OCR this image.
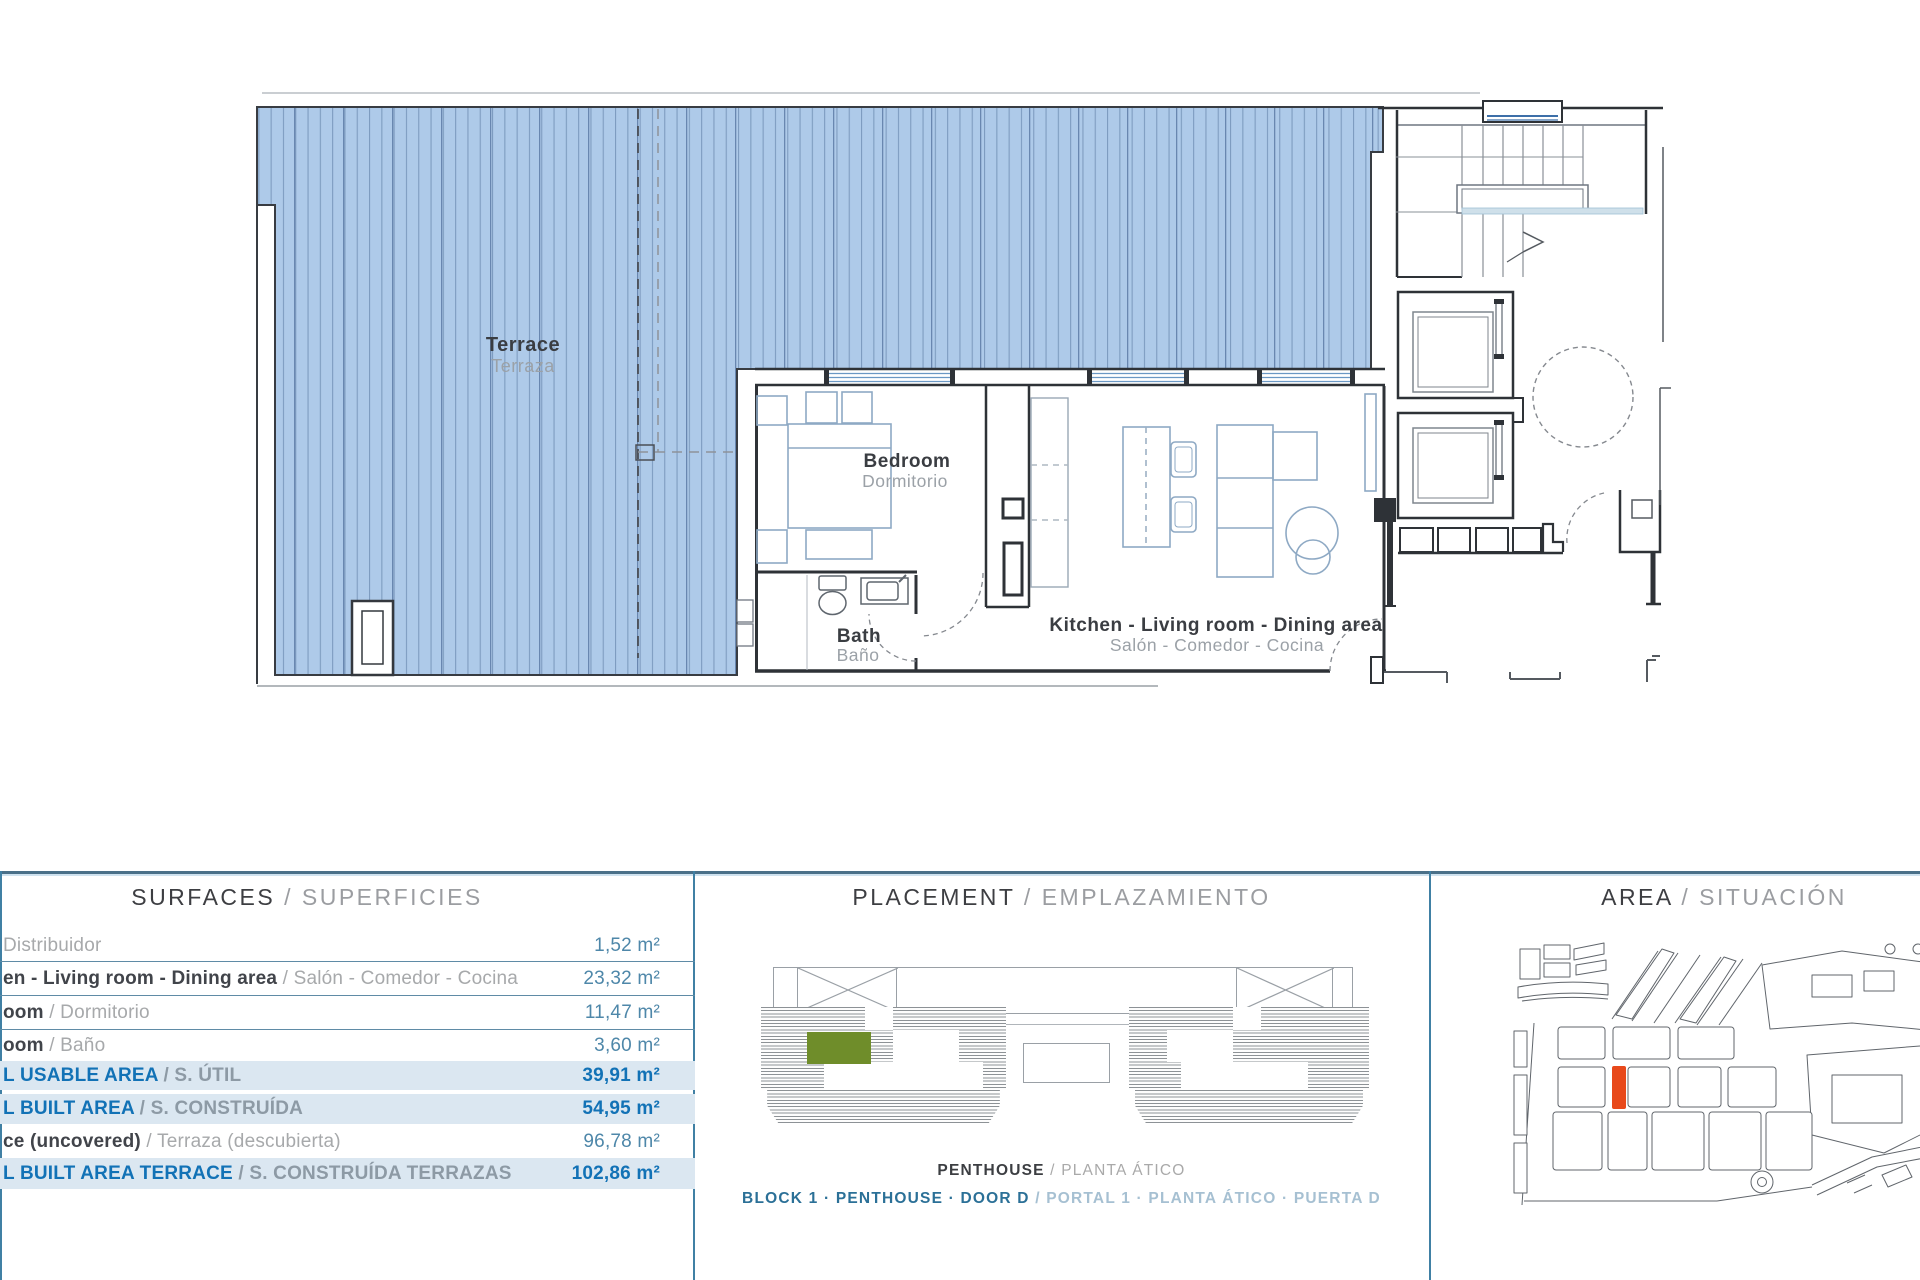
Terrace
Terraza
Bedroom
Dormitorio
Bath
Baño
Kitchen - Living room - Dining area
Salón - Comedor - Cocina
SURFACES / SUPERFICIES
Distribuidor	1,52 m²
en - Living room - Dining area / Salón - Comedor - Cocina	23,32 m²
oom / Dormitorio	11,47 m²
oom / Baño	3,60 m²
L USABLE AREA / S. ÚTIL	39,91 m²
L BUILT AREA / S. CONSTRUÍDA	54,95 m²
ce (uncovered) / Terraza (descubierta)	96,78 m²
L BUILT AREA TERRACE / S. CONSTRUÍDA TERRAZAS	102,86 m²
PLACEMENT / EMPLAZAMIENTO
PENTHOUSE / PLANTA ÁTICO
BLOCK 1 · PENTHOUSE · DOOR D / PORTAL 1 · PLANTA ÁTICO · PUERTA D
AREA / SITUACIÓN
